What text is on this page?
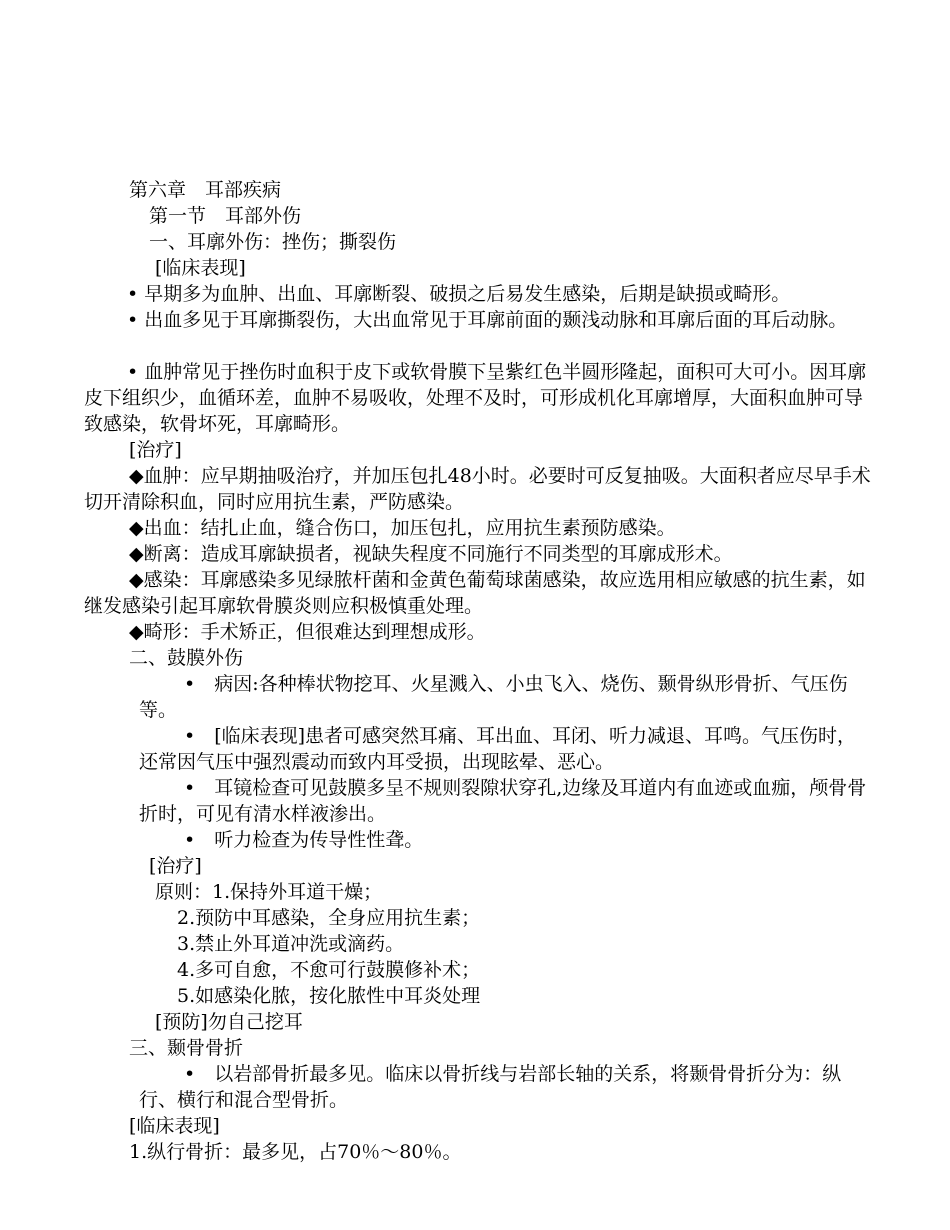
第六章　耳部疾病
第一节　耳部外伤
一、耳廓外伤：挫伤；撕裂伤
[临床表现]
• 早期多为血肿、出血、耳廓断裂、破损之后易发生感染，后期是缺损或畸形。
• 出血多见于耳廓撕裂伤，大出血常见于耳廓前面的颞浅动脉和耳廓后面的耳后动脉。
• 血肿常见于挫伤时血积于皮下或软骨膜下呈紫红色半圆形隆起，面积可大可小。因耳廓皮下组织少，血循环差，血肿不易吸收，处理不及时，可形成机化耳廓增厚，大面积血肿可导致感染，软骨坏死，耳廓畸形。
[治疗]
◆血肿：应早期抽吸治疗，并加压包扎48小时。必要时可反复抽吸。大面积者应尽早手术切开清除积血，同时应用抗生素，严防感染。
◆出血：结扎止血，缝合伤口，加压包扎，应用抗生素预防感染。
◆断离：造成耳廓缺损者，视缺失程度不同施行不同类型的耳廓成形术。
◆感染：耳廓感染多见绿脓杆菌和金黄色葡萄球菌感染，故应选用相应敏感的抗生素，如继发感染引起耳廓软骨膜炎则应积极慎重处理。
◆畸形：手术矫正，但很难达到理想成形。
二、鼓膜外伤
•　病因:各种棒状物挖耳、火星溅入、小虫飞入、烧伤、颞骨纵形骨折、气压伤等。
•　[临床表现]患者可感突然耳痛、耳出血、耳闭、听力减退、耳鸣。气压伤时，还常因气压中强烈震动而致内耳受损，出现眩晕、恶心。
•　耳镜检查可见鼓膜多呈不规则裂隙状穿孔,边缘及耳道内有血迹或血痂，颅骨骨折时，可见有清水样液渗出。
•　听力检查为传导性性聋。
[治疗]
原则：1.保持外耳道干燥；
2.预防中耳感染，全身应用抗生素；
3.禁止外耳道冲洗或滴药。
4.多可自愈，不愈可行鼓膜修补术；
5.如感染化脓，按化脓性中耳炎处理
[预防]勿自己挖耳
三、颞骨骨折
•　以岩部骨折最多见。临床以骨折线与岩部长轴的关系，将颞骨骨折分为：纵行、横行和混合型骨折。
[临床表现]
1.纵行骨折：最多见，占70％～80％。
